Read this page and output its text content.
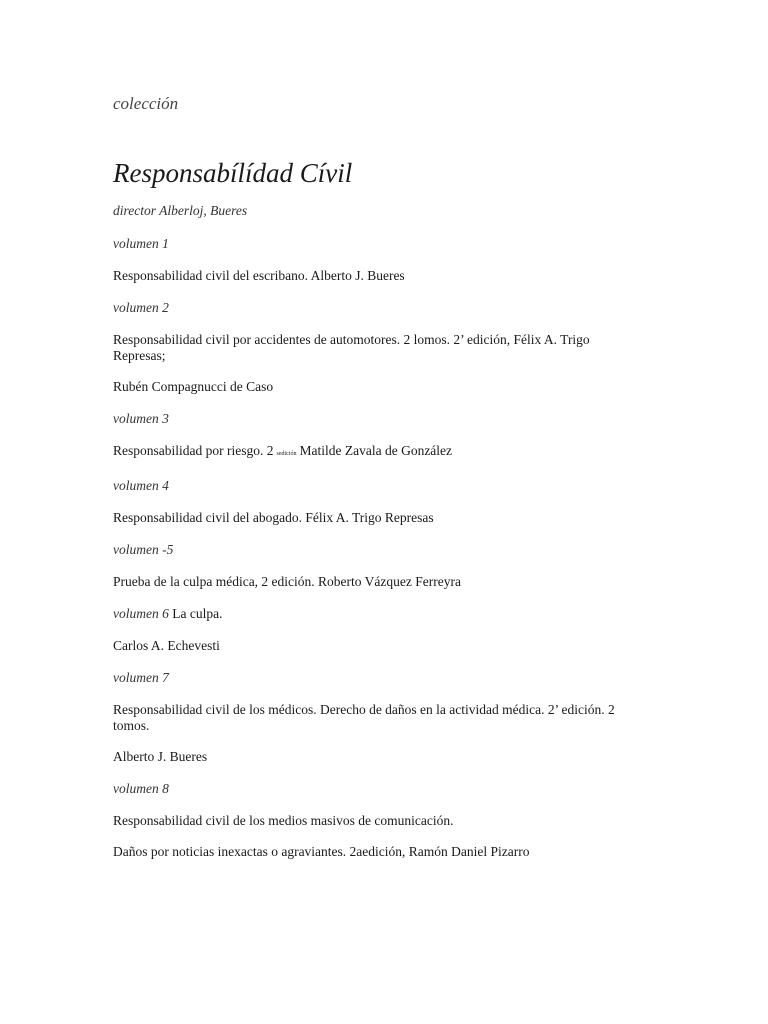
colección

Responsabílídad Cívil

director Alberloj, Bueres

volumen 1

Responsabilidad civil del escribano. Alberto J. Bueres

volumen 2

Responsabilidad civil por accidentes de automotores. 2 lomos. 2’ edición, Félix A. Trigo Represas;

Rubén Compagnucci de Caso

volumen 3

Responsabilidad por riesgo. 2 sedición Matilde Zavala de González

volumen 4

Responsabilidad civil del abogado. Félix A. Trigo Represas

volumen -5

Prueba de la culpa médica, 2 edición. Roberto Vázquez Ferreyra

volumen 6 La culpa.

Carlos A. Echevesti

volumen 7

Responsabilidad civil de los médicos. Derecho de daños en la actividad médica. 2’ edición. 2 tomos.

Alberto J. Bueres

volumen 8

Responsabilidad civil de los medios masivos de comunicación.

Daños por noticias inexactas o agraviantes. 2aedición, Ramón Daniel Pizarro
